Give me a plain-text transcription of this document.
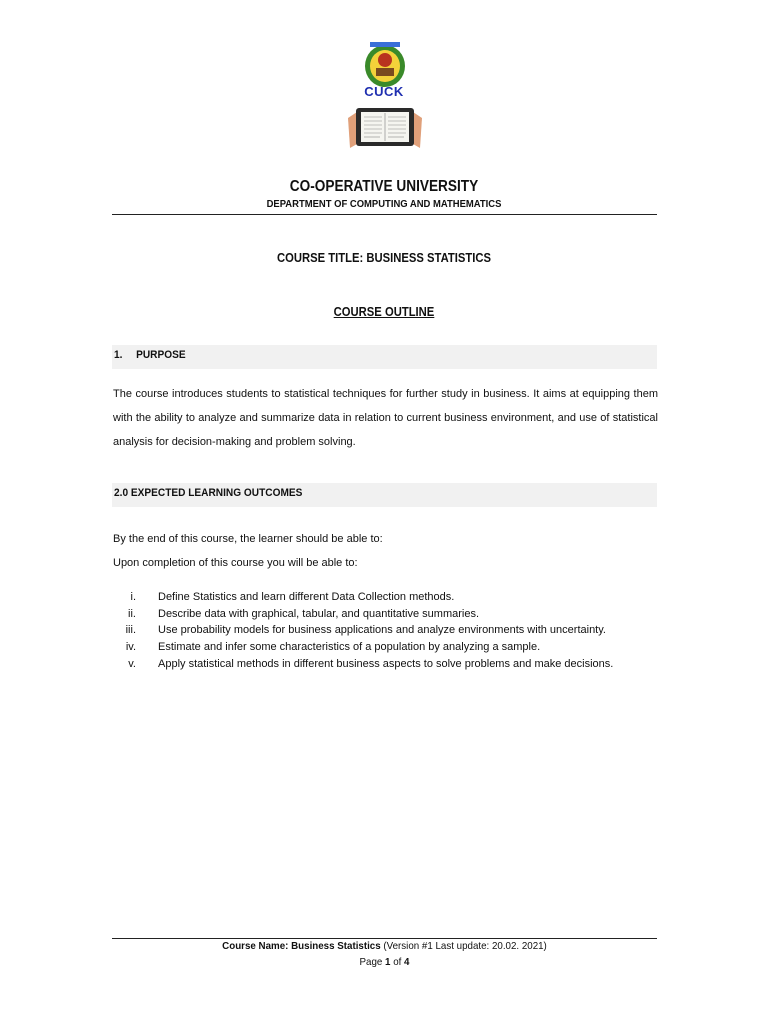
CUCK
CO-OPERATIVE UNIVERSITY
DEPARTMENT OF COMPUTING AND MATHEMATICS
COURSE TITLE: BUSINESS STATISTICS
COURSE OUTLINE
1. PURPOSE
The course introduces students to statistical techniques for further study in business. It aims at equipping them with the ability to analyze and summarize data in relation to current business environment, and use of statistical analysis for decision-making and problem solving.
2.0 EXPECTED LEARNING OUTCOMES
By the end of this course, the learner should be able to:
Upon completion of this course you will be able to:
i. Define Statistics and learn different Data Collection methods.
ii. Describe data with graphical, tabular, and quantitative summaries.
iii. Use probability models for business applications and analyze environments with uncertainty.
iv. Estimate and infer some characteristics of a population by analyzing a sample.
v. Apply statistical methods in different business aspects to solve problems and make decisions.
Course Name: Business Statistics (Version #1 Last update: 20.02. 2021)
Page 1 of 4
